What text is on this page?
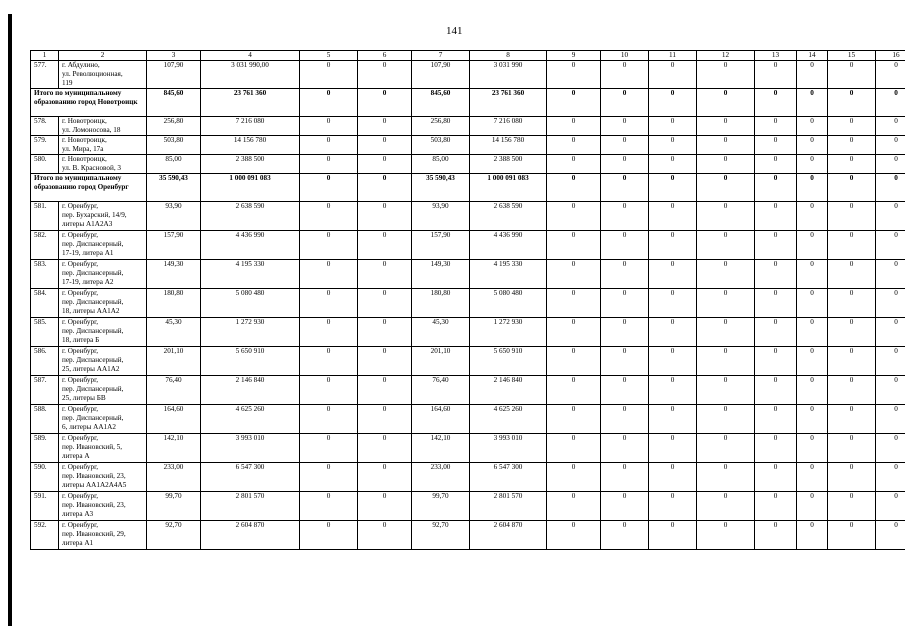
141
1	2	3	4	5	6	7	8	9	10	11	12	13	14	15	16
577.	г. Абдулино,
ул. Революционная,
119	107,90	3 031 990,00	0	0	107,90	3 031 990	0	0	0	0	0	0	0	0
Итого по муниципальному образованию город Новотроицк		845,60	23 761 360	0	0	845,60	23 761 360	0	0	0	0	0	0	0	0
578.	г. Новотроицк,
ул. Ломоносова, 18	256,80	7 216 080	0	0	256,80	7 216 080	0	0	0	0	0	0	0	0
579.	г. Новотроицк,
ул. Мира, 17а	503,80	14 156 780	0	0	503,80	14 156 780	0	0	0	0	0	0	0	0
580.	г. Новотроицк,
ул. В. Красновой, 3	85,00	2 388 500	0	0	85,00	2 388 500	0	0	0	0	0	0	0	0
Итого по муниципальному образованию город Оренбург		35 590,43	1 000 091 083	0	0	35 590,43	1 000 091 083	0	0	0	0	0	0	0	0
581.	г. Оренбург,
пер. Бухарский, 14/9,
литеры А1А2А3	93,90	2 638 590	0	0	93,90	2 638 590	0	0	0	0	0	0	0	0
582.	г. Оренбург,
пер. Диспансерный,
17-19, литера А1	157,90	4 436 990	0	0	157,90	4 436 990	0	0	0	0	0	0	0	0
583.	г. Оренбург,
пер. Диспансерный,
17-19, литера А2	149,30	4 195 330	0	0	149,30	4 195 330	0	0	0	0	0	0	0	0
584.	г. Оренбург,
пер. Диспансерный,
18, литеры АА1А2	180,80	5 080 480	0	0	180,80	5 080 480	0	0	0	0	0	0	0	0
585.	г. Оренбург,
пер. Диспансерный,
18, литера Б	45,30	1 272 930	0	0	45,30	1 272 930	0	0	0	0	0	0	0	0
586.	г. Оренбург,
пер. Диспансерный,
25, литеры АА1А2	201,10	5 650 910	0	0	201,10	5 650 910	0	0	0	0	0	0	0	0
587.	г. Оренбург,
пер. Диспансерный,
25, литеры БВ	76,40	2 146 840	0	0	76,40	2 146 840	0	0	0	0	0	0	0	0
588.	г. Оренбург,
пер. Диспансерный,
6, литеры АА1А2	164,60	4 625 260	0	0	164,60	4 625 260	0	0	0	0	0	0	0	0
589.	г. Оренбург,
пер. Ивановский, 5,
литера А	142,10	3 993 010	0	0	142,10	3 993 010	0	0	0	0	0	0	0	0
590.	г. Оренбург,
пер. Ивановский, 23,
литеры АА1А2А4А5	233,00	6 547 300	0	0	233,00	6 547 300	0	0	0	0	0	0	0	0
591.	г. Оренбург,
пер. Ивановский, 23,
литера А3	99,70	2 801 570	0	0	99,70	2 801 570	0	0	0	0	0	0	0	0
592.	г. Оренбург,
пер. Ивановский, 29,
литера А1	92,70	2 604 870	0	0	92,70	2 604 870	0	0	0	0	0	0	0	0
